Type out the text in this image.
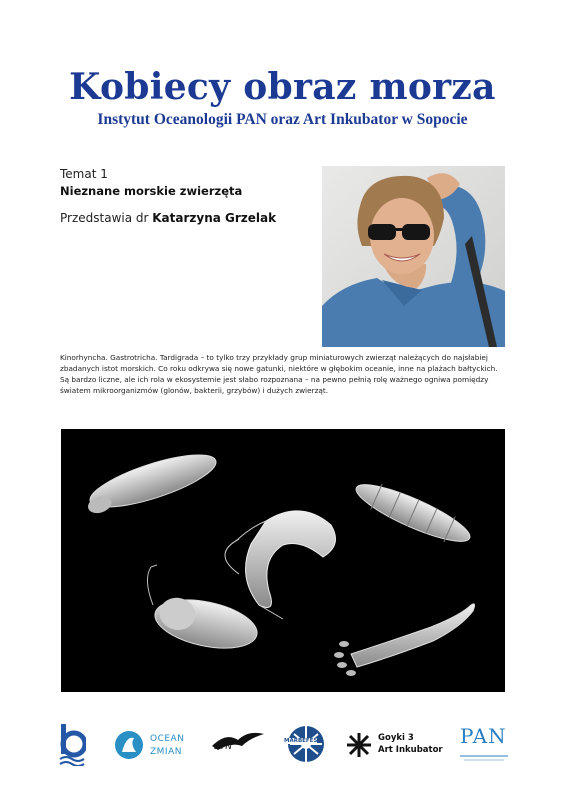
Kobiecy obraz morza
Instytut Oceanologii PAN oraz Art Inkubator w Sopocie
Temat 1
Nieznane morskie zwierzęta
Przedstawia dr Katarzyna Grzelak

Kinorhyncha. Gastrotricha. Tardigrada – to tylko trzy przykłady grup miniaturowych zwierząt należących do najsłabiej zbadanych istot morskich. Co roku odkrywa się nowe gatunki, niektóre w głębokim oceanie, inne na plażach bałtyckich. Są bardzo liczne, ale ich rola w ekosystemie jest słabo rozpoznana – na pewno pełnią rolę ważnego ogniwa pomiędzy światem mikroorganizmów (glonów, bakterii, grzybów) i dużych zwierząt.

OCEAN
ZMIAN	STN
MARBEFES	Goyki 3
Art Inkubator
PAN
